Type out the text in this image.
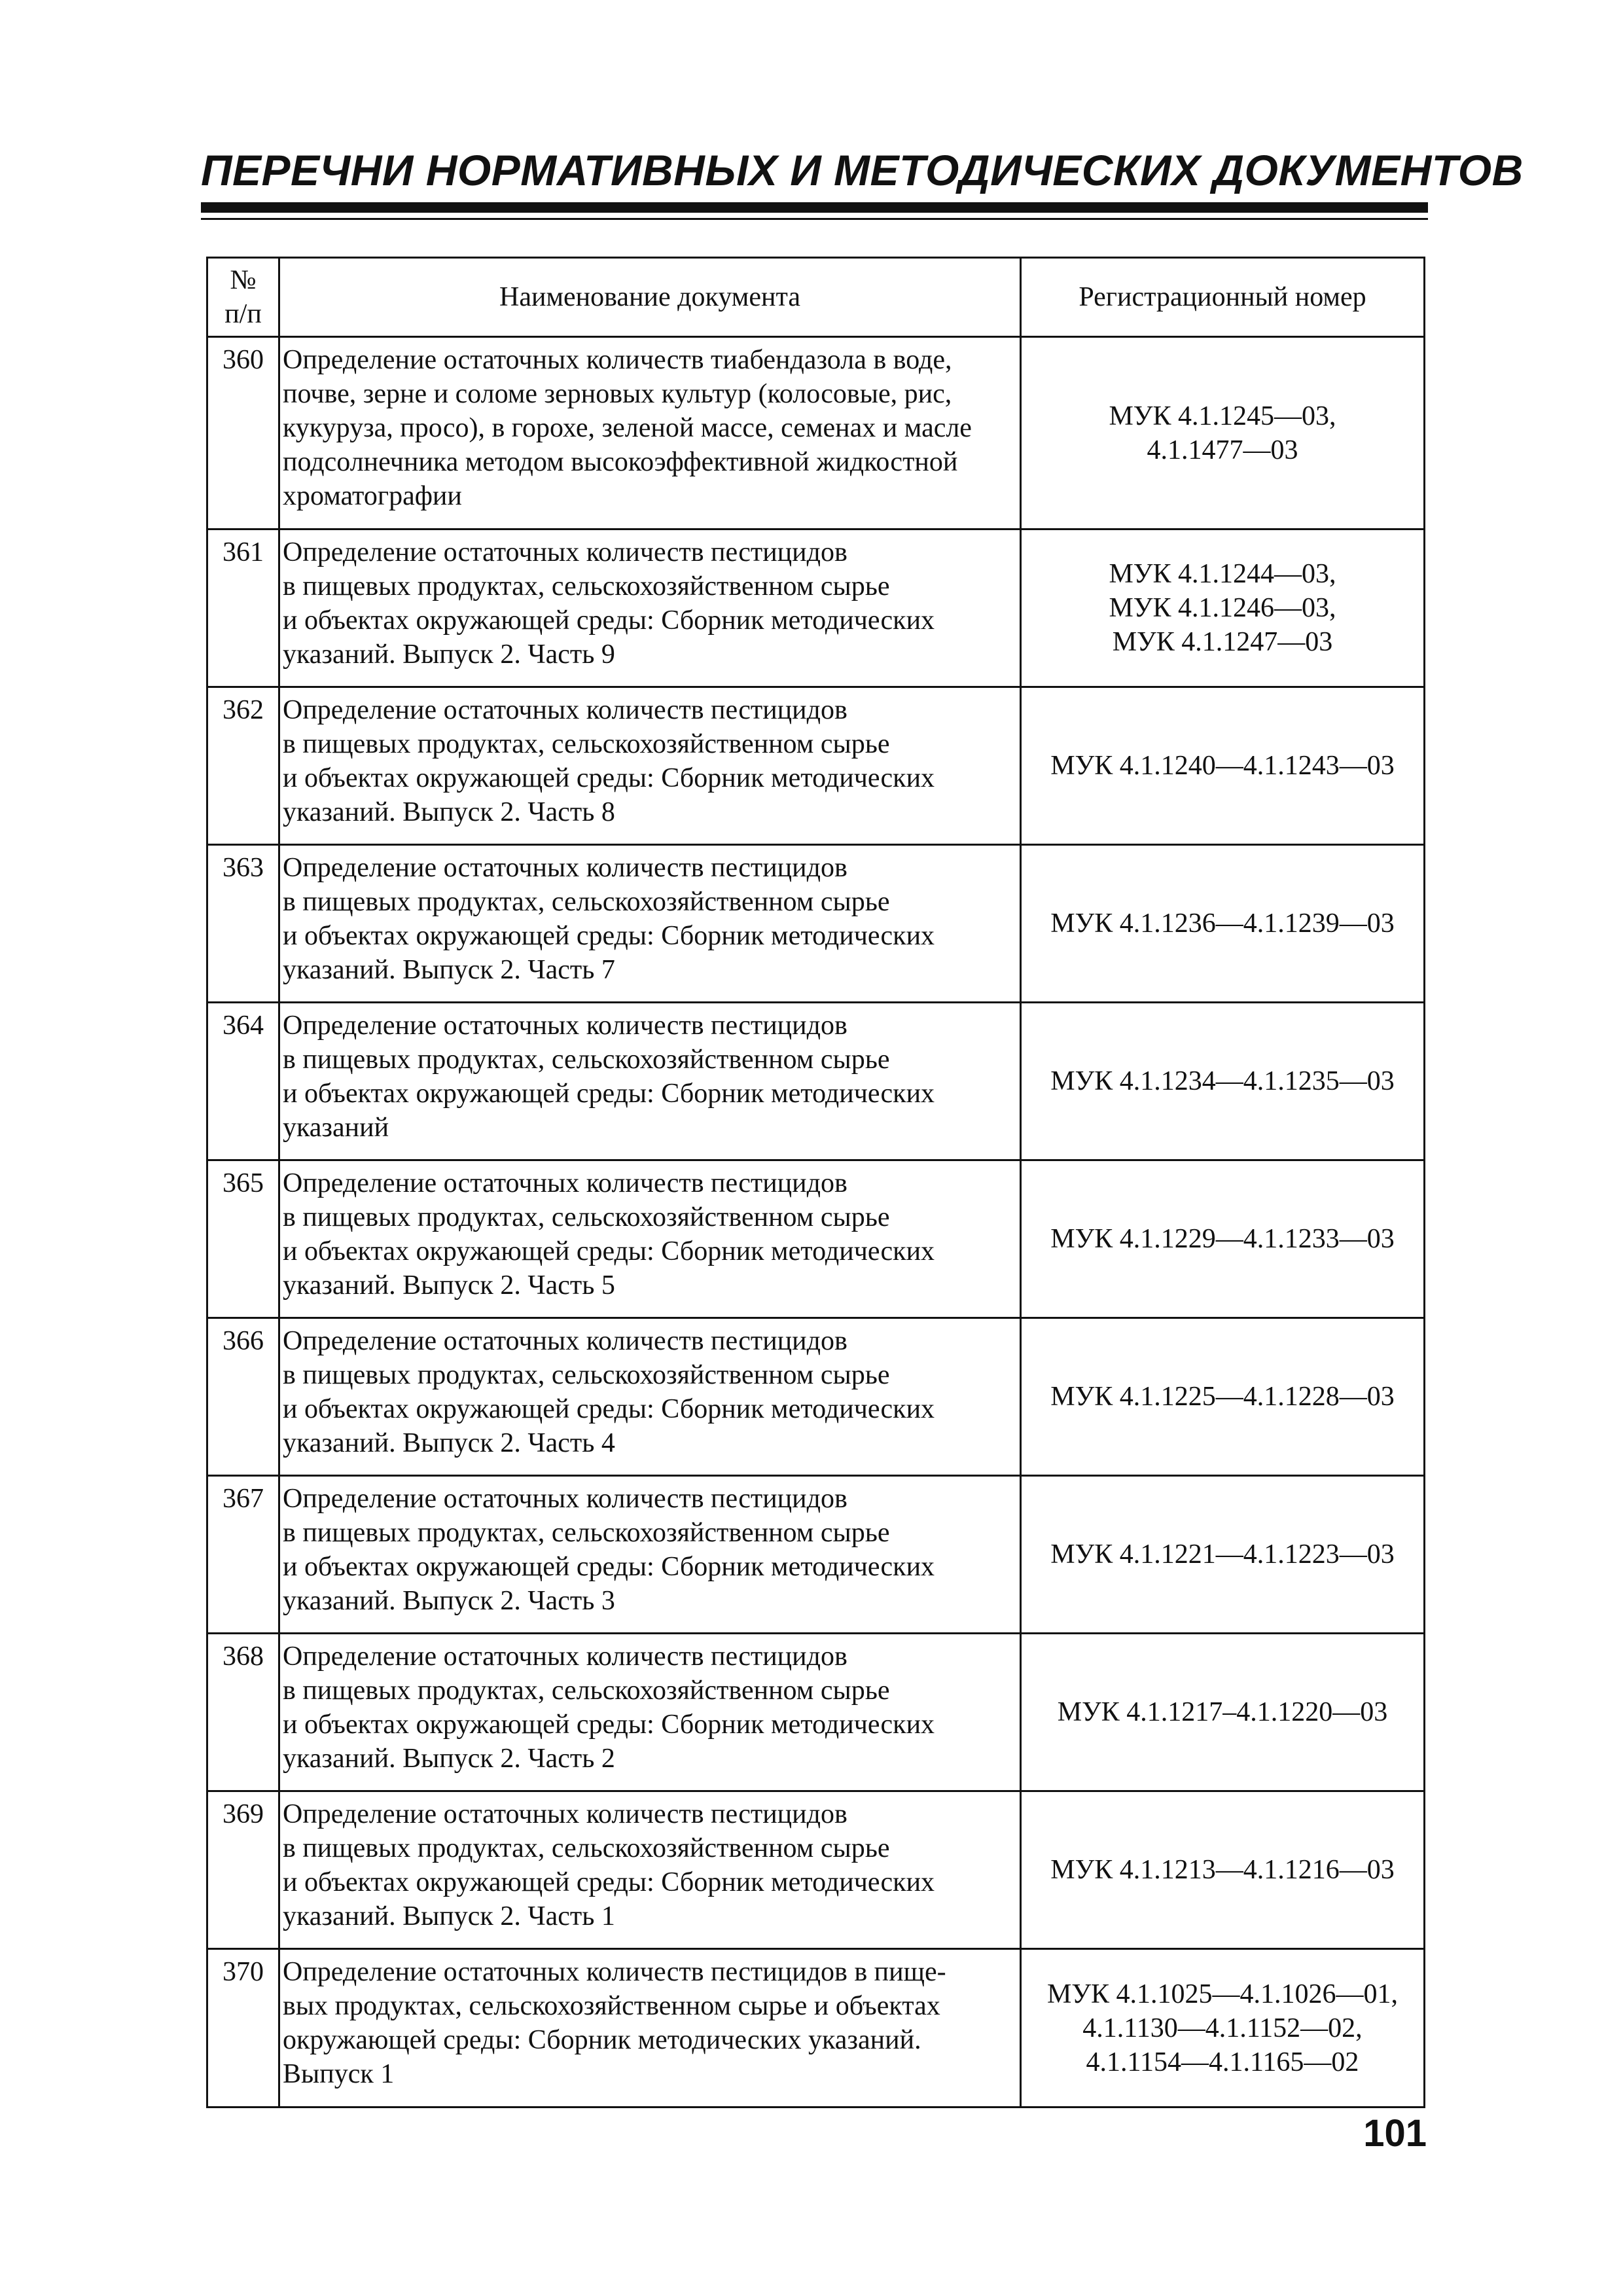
ПЕРЕЧНИ НОРМАТИВНЫХ И МЕТОДИЧЕСКИХ ДОКУМЕНТОВ
№
п/п	Наименование документа	Регистрационный номер
360	Определение остаточных количеств тиабендазола в воде,
почве, зерне и соломе зерновых культур (колосовые, рис,
кукуруза, просо), в горохе, зеленой массе, семенах и масле
подсолнечника методом высокоэффективной жидкостной
хроматографии	МУК 4.1.1245—03,
4.1.1477—03

361	Определение остаточных количеств пестицидов
в пищевых продуктах, сельскохозяйственном сырье
и объектах окружающей среды: Сборник методических
указаний. Выпуск 2. Часть 9	МУК 4.1.1244—03,
МУК 4.1.1246—03,
МУК 4.1.1247—03

362	Определение остаточных количеств пестицидов
в пищевых продуктах, сельскохозяйственном сырье
и объектах окружающей среды: Сборник методических
указаний. Выпуск 2. Часть 8	МУК 4.1.1240—4.1.1243—03

363	Определение остаточных количеств пестицидов
в пищевых продуктах, сельскохозяйственном сырье
и объектах окружающей среды: Сборник методических
указаний. Выпуск 2. Часть 7	МУК 4.1.1236—4.1.1239—03

364	Определение остаточных количеств пестицидов
в пищевых продуктах, сельскохозяйственном сырье
и объектах окружающей среды: Сборник методических
указаний	МУК 4.1.1234—4.1.1235—03

365	Определение остаточных количеств пестицидов
в пищевых продуктах, сельскохозяйственном сырье
и объектах окружающей среды: Сборник методических
указаний. Выпуск 2. Часть 5	МУК 4.1.1229—4.1.1233—03

366	Определение остаточных количеств пестицидов
в пищевых продуктах, сельскохозяйственном сырье
и объектах окружающей среды: Сборник методических
указаний. Выпуск 2. Часть 4	МУК 4.1.1225—4.1.1228—03

367	Определение остаточных количеств пестицидов
в пищевых продуктах, сельскохозяйственном сырье
и объектах окружающей среды: Сборник методических
указаний. Выпуск 2. Часть 3	МУК 4.1.1221—4.1.1223—03

368	Определение остаточных количеств пестицидов
в пищевых продуктах, сельскохозяйственном сырье
и объектах окружающей среды: Сборник методических
указаний. Выпуск 2. Часть 2	МУК 4.1.1217–4.1.1220—03

369	Определение остаточных количеств пестицидов
в пищевых продуктах, сельскохозяйственном сырье
и объектах окружающей среды: Сборник методических
указаний. Выпуск 2. Часть 1	МУК 4.1.1213—4.1.1216—03

370	Определение остаточных количеств пестицидов в пище-
вых продуктах, сельскохозяйственном сырье и объектах
окружающей среды: Сборник методических указаний.
Выпуск 1	МУК 4.1.1025—4.1.1026—01,
4.1.1130—4.1.1152—02,
4.1.1154—4.1.1165—02
101
